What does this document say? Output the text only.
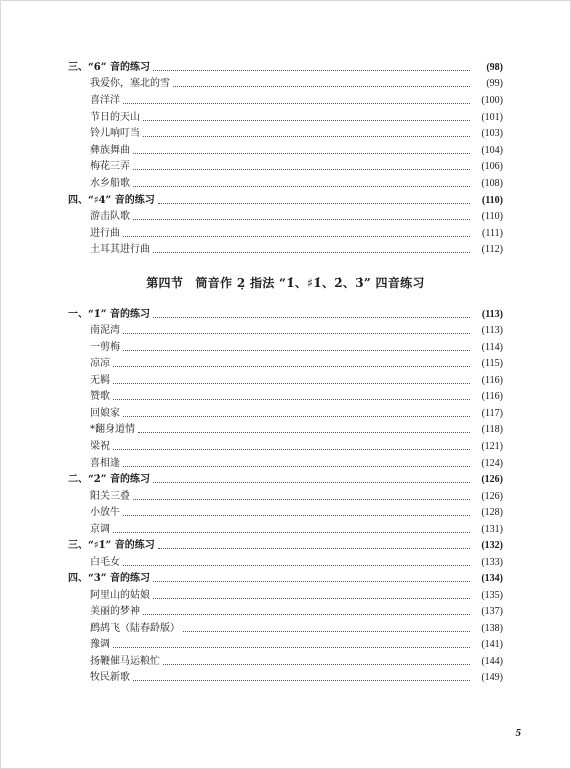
三、“6̇” 音的练习	( 98 )
我爱你，塞北的雪	( 99 )
喜洋洋	( 100 )
节日的天山	( 101 )
铃儿响叮当	( 103 )
彝族舞曲	( 104 )
梅花三弄	( 106 )
水乡船歌	( 108 )
四、“♯4” 音的练习	( 110 )
游击队歌	( 110 )
进行曲	( 111 )
土耳其进行曲	( 112 )
一、“1̇” 音的练习	( 113 )
南泥湾	( 113 )
一剪梅	( 114 )
凉凉	( 115 )
无羁	( 116 )
赞歌	( 116 )
回娘家	( 117 )
*翻身道情	( 118 )
梁祝	( 121 )
喜相逢	( 124 )
二、“2̇” 音的练习	( 126 )
阳关三叠	( 126 )
小放牛	( 128 )
京调	( 131 )
三、“♯1̇” 音的练习	( 132 )
白毛女	( 133 )
四、“3̇” 音的练习	( 134 )
阿里山的姑娘	( 135 )
美丽的梦神	( 137 )
鹧鸪飞（陆春龄版）	( 138 )
豫调	( 141 )
扬鞭催马运粮忙	( 144 )
牧民新歌	( 149 )
第四节　筒音作 2̣ 指法 “1̇、♯1̇、2̇、3̇” 四音练习
5
